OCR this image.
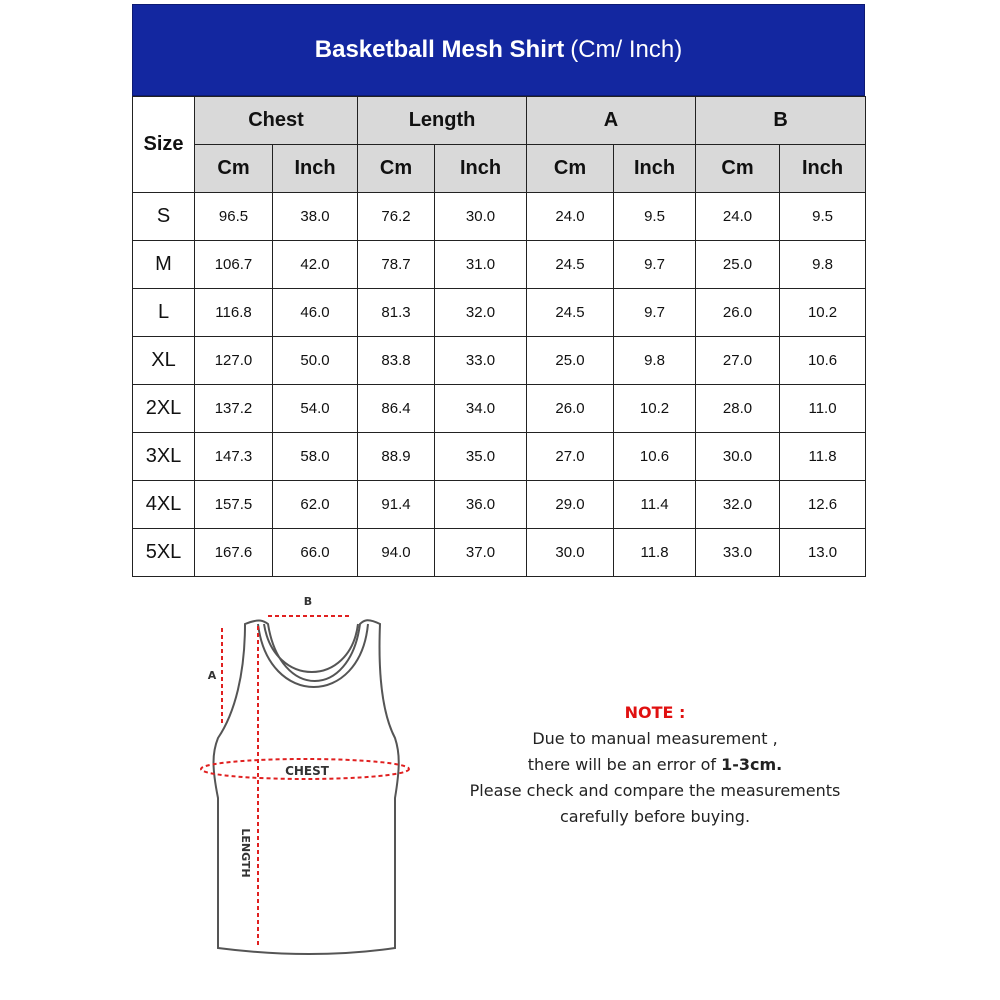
Basketball Mesh Shirt (Cm/ Inch)
Size	Chest		Length		A		B	
	Cm	Inch	Cm	Inch	Cm	Inch	Cm	Inch
S	96.5	38.0	76.2	30.0	24.0	9.5	24.0	9.5
M	106.7	42.0	78.7	31.0	24.5	9.7	25.0	9.8
L	116.8	46.0	81.3	32.0	24.5	9.7	26.0	10.2
XL	127.0	50.0	83.8	33.0	25.0	9.8	27.0	10.6
2XL	137.2	54.0	86.4	34.0	26.0	10.2	28.0	11.0
3XL	147.3	58.0	88.9	35.0	27.0	10.6	30.0	11.8
4XL	157.5	62.0	91.4	36.0	29.0	11.4	32.0	12.6
5XL	167.6	66.0	94.0	37.0	30.0	11.8	33.0	13.0
B
A
CHEST
LENGTH
NOTE :
Due to manual measurement ,
there will be an error of 1-3cm.
Please check and compare the measurements
carefully before buying.
